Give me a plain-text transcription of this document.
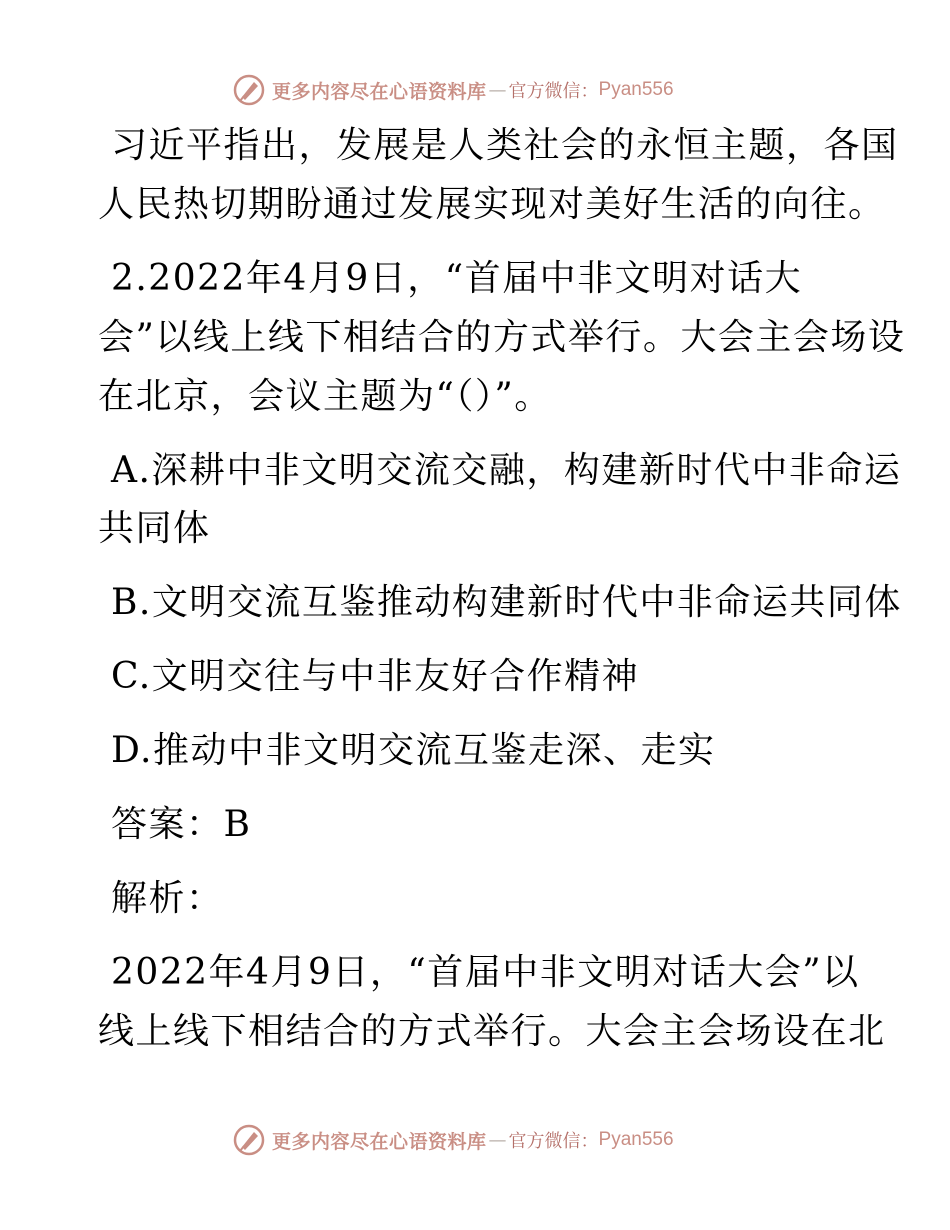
更多内容尽在心语资料库 — 官方微信： Pyan556
习近平指出，发展是人类社会的永恒主题，各国
人民热切期盼通过发展实现对美好生活的向往。
2.2022年4月9日，“首届中非文明对话大
会”以线上线下相结合的方式举行。大会主会场设
在北京，会议主题为“（）”。
A.深耕中非文明交流交融，构建新时代中非命运
共同体
B.文明交流互鉴推动构建新时代中非命运共同体
C.文明交往与中非友好合作精神
D.推动中非文明交流互鉴走深、走实
答案：B
解析：
2022年4月9日，“首届中非文明对话大会”以
线上线下相结合的方式举行。大会主会场设在北
更多内容尽在心语资料库 — 官方微信： Pyan556
